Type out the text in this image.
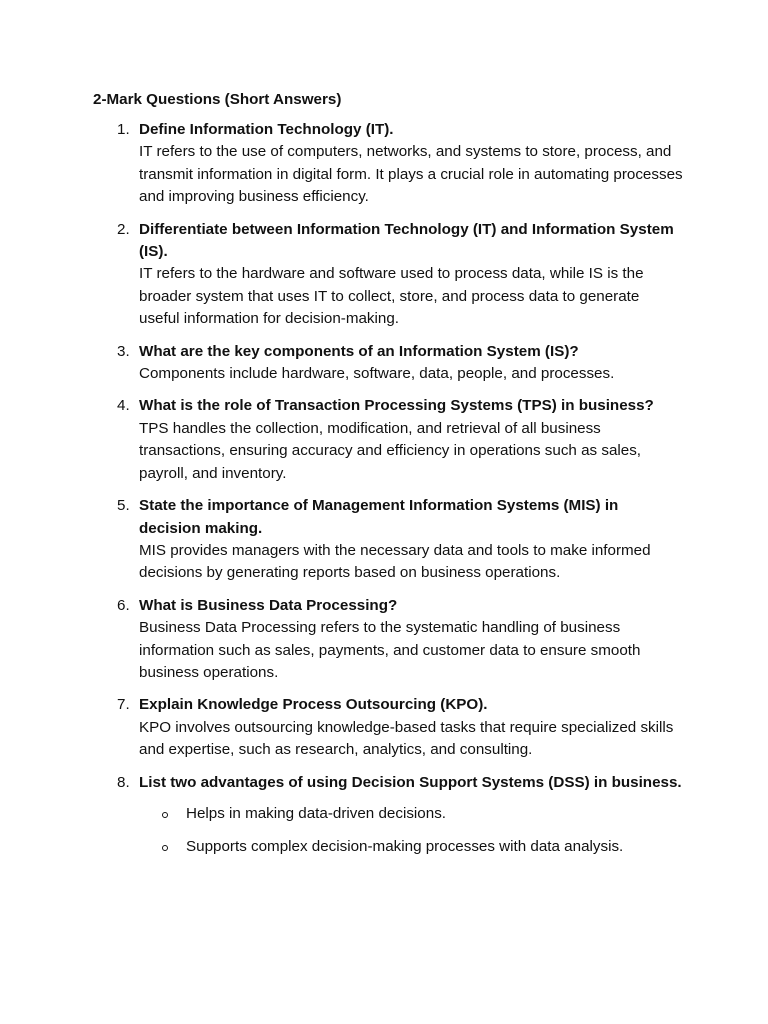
2-Mark Questions (Short Answers)
1. Define Information Technology (IT).
IT refers to the use of computers, networks, and systems to store, process, and transmit information in digital form. It plays a crucial role in automating processes and improving business efficiency.
2. Differentiate between Information Technology (IT) and Information System (IS).
IT refers to the hardware and software used to process data, while IS is the broader system that uses IT to collect, store, and process data to generate useful information for decision-making.
3. What are the key components of an Information System (IS)?
Components include hardware, software, data, people, and processes.
4. What is the role of Transaction Processing Systems (TPS) in business?
TPS handles the collection, modification, and retrieval of all business transactions, ensuring accuracy and efficiency in operations such as sales, payroll, and inventory.
5. State the importance of Management Information Systems (MIS) in decision making.
MIS provides managers with the necessary data and tools to make informed decisions by generating reports based on business operations.
6. What is Business Data Processing?
Business Data Processing refers to the systematic handling of business information such as sales, payments, and customer data to ensure smooth business operations.
7. Explain Knowledge Process Outsourcing (KPO).
KPO involves outsourcing knowledge-based tasks that require specialized skills and expertise, such as research, analytics, and consulting.
8. List two advantages of using Decision Support Systems (DSS) in business.
Helps in making data-driven decisions.
Supports complex decision-making processes with data analysis.
